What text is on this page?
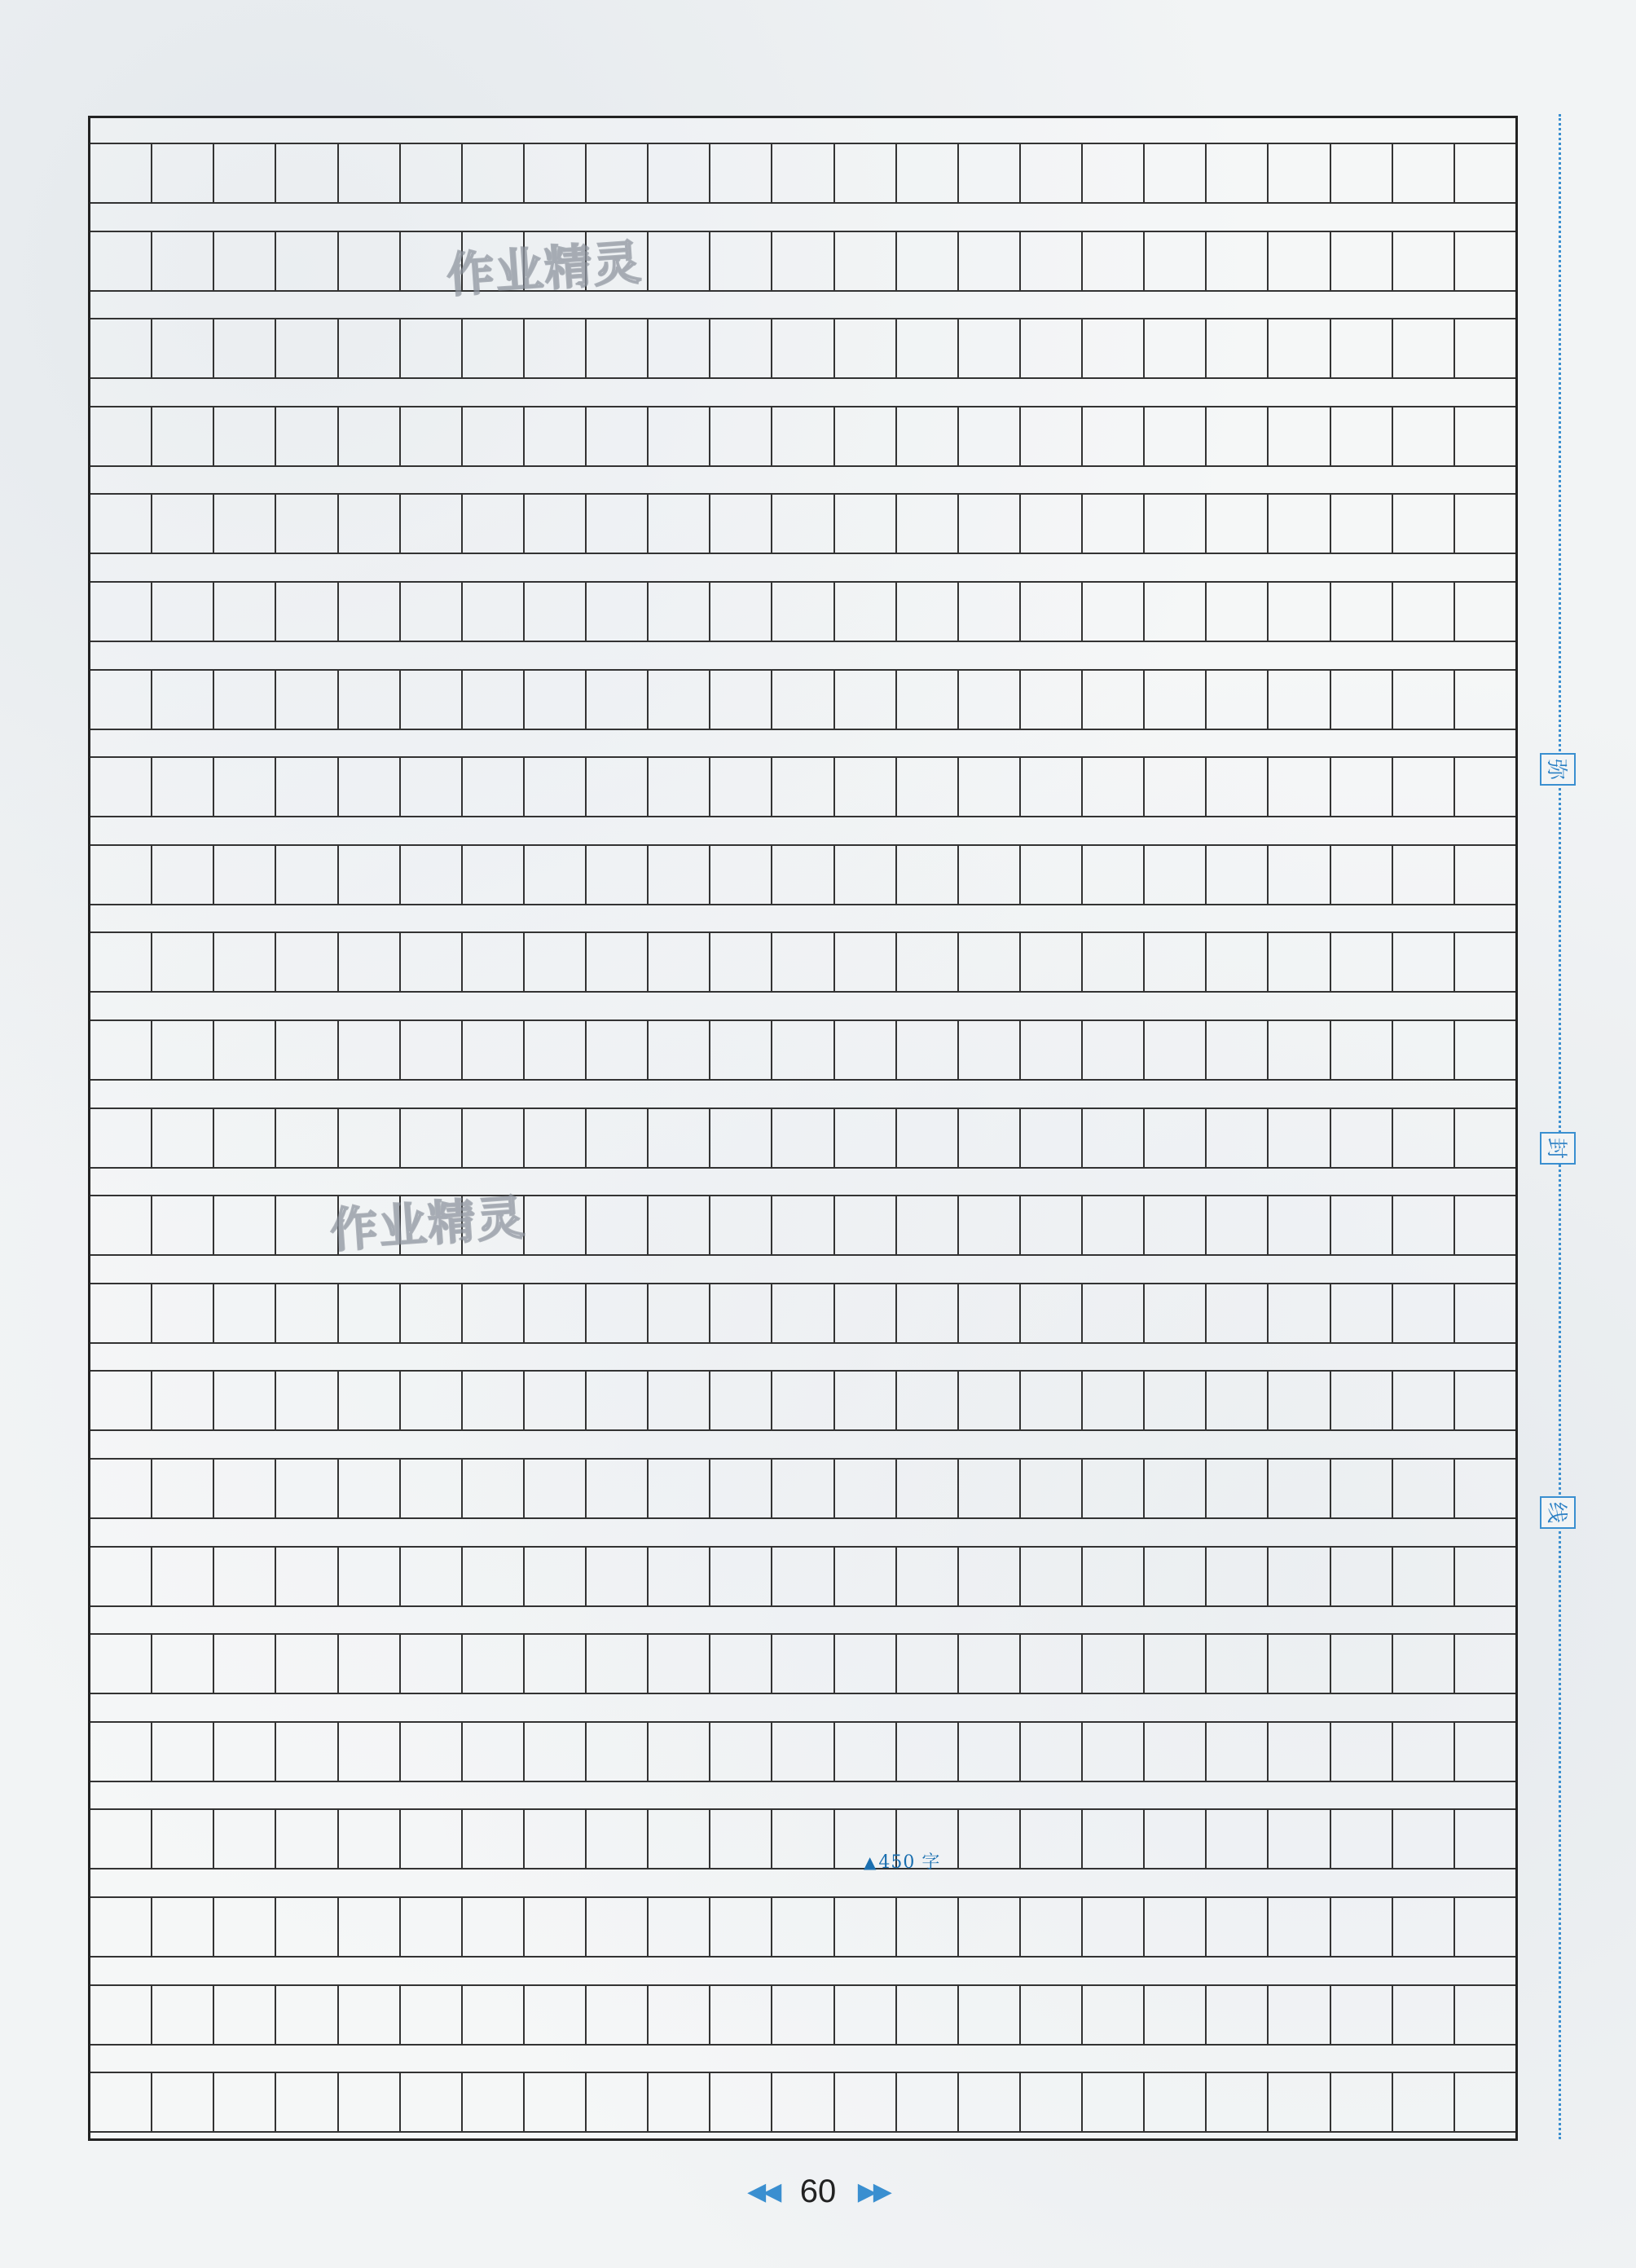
▲450 字
弥
封
线
作业精灵
作业精灵
◀◀ 60 ▶▶
